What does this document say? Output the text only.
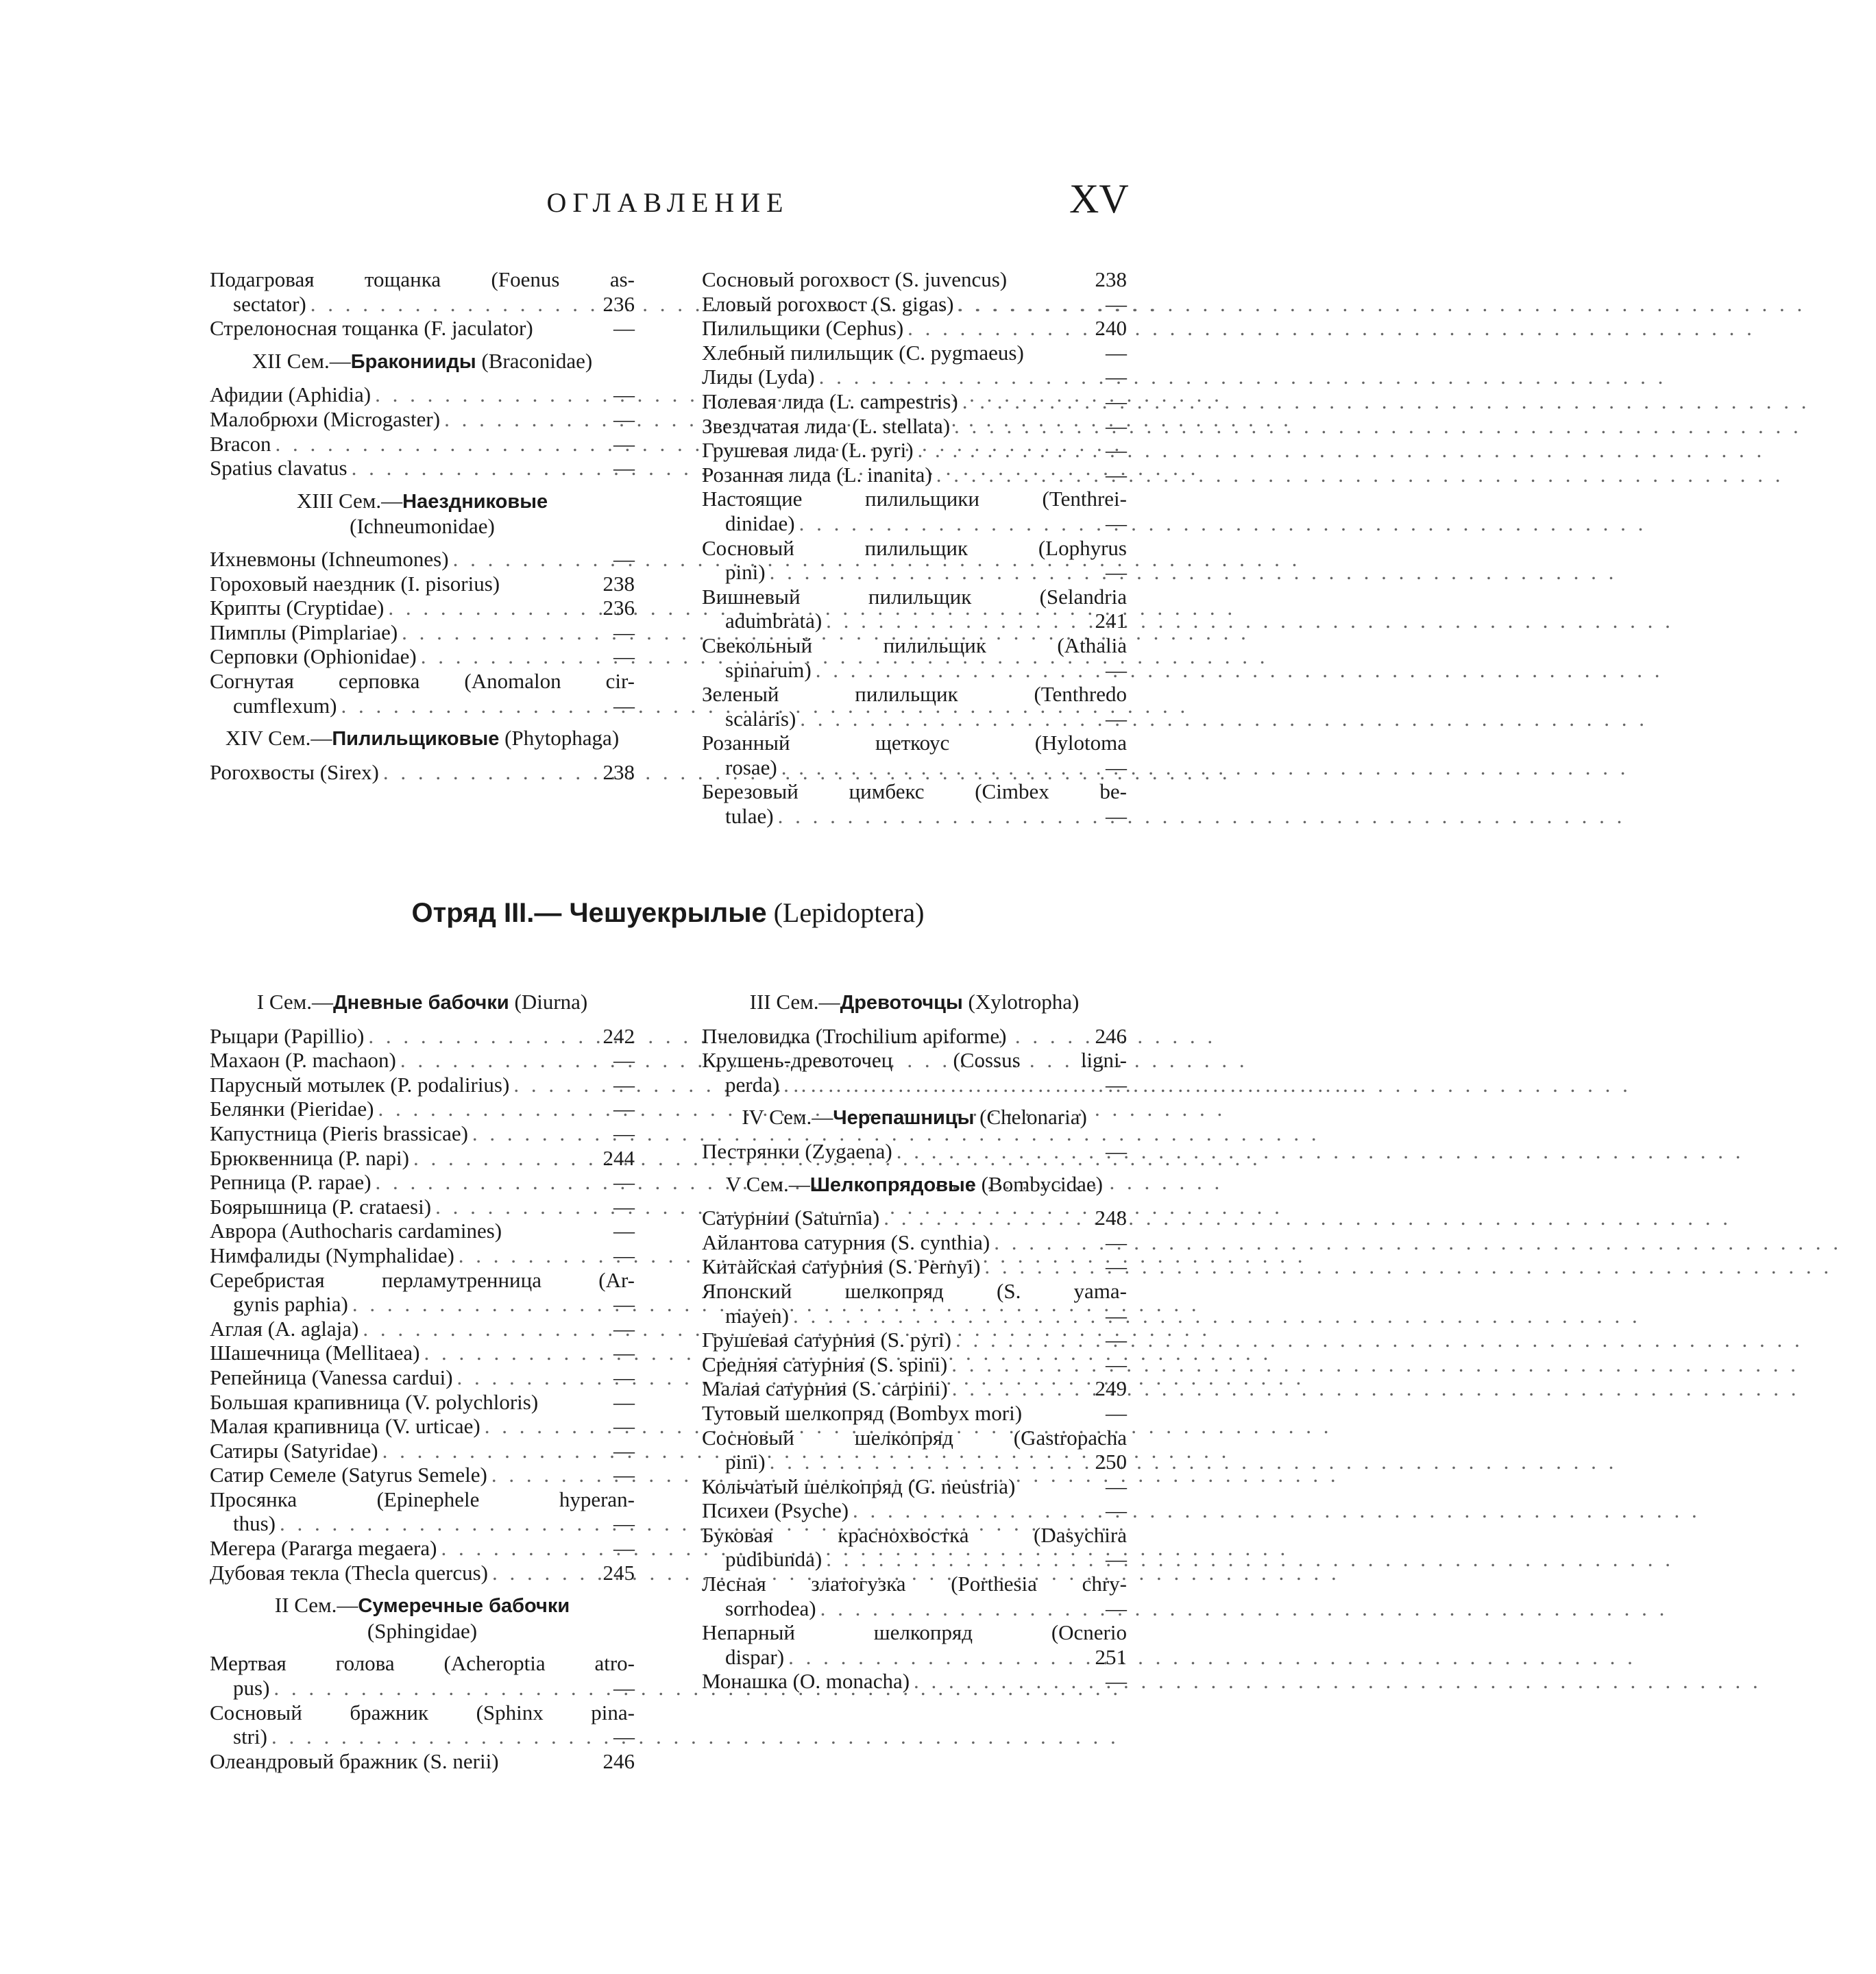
ОГЛАВЛЕНИЕ	XV
Подагровая тощанка (Foenus as-
sectator) . . .	236
Стрелоносная тощанка (F. jaculator)	—
XII Сем.—Браконииды (Braconidae)
Афидии (Aphidia) . . .	—
Малобрюхи (Microgaster) . . .	—
Bracon . . .	—
Spatius clavatus . . .	—
XIII Сем.—Наездниковые (Ichneumonidae)
Ихневмоны (Ichneumones) . . .	—
Гороховый наездник (I. pisorius)	238
Крипты (Cryptidae) . . .	236
Пимплы (Pimplariae) . . .	—
Серповки (Ophionidae) . . .	—
Согнутая серповка (Anomalon cir-
cumflexum) . . .	—
XIV Сем.—Пилильщиковые (Phytophaga)
Рогохвосты (Sirex) . . .	238
Сосновый рогохвост (S. juvencus)	238
Еловый рогохвост (S. gigas) . . .	—
Пилильщики (Cephus) . . .	240
Хлебный пилильщик (C. pygmaeus)	—
Лиды (Lyda) . . .	—
Полевая лида (L. campestris) . . .	—
Звездчатая лида (L. stellata) . . .	—
Грушевая лида (L. pyri) . . .	—
Розанная лида (L. inanita) . . .	—
Настоящие пилильщики (Tenthrei-
dinidae) . . .	—
Сосновый пилильщик (Lophyrus
pini) . . .	—
Вишневый пилильщик (Selandria
adumbrata) . . .	241
Свекольный пилильщик (Athalia
spinarum) . . .	—
Зеленый пилильщик (Tenthredo
scalaris) . . .	—
Розанный щеткоус (Hylotoma
rosae) . . .	—
Березовый цимбекс (Cimbex be-
tulae) . . .	—
Отряд III.— Чешуекрылые (Lepidoptera)
I Сем.—Дневные бабочки (Diurna)
Рыцари (Papillio) . . .	242
Махаон (P. machaon) . . .	—
Парусный мотылек (P. podalirius) . . .	—
Белянки (Pieridae) . . .	—
Капустница (Pieris brassicae) . . .	—
Брюквенница (P. napi) . . .	244
Репница (P. rapae) . . .	—
Боярышница (P. crataesi) . . .	—
Аврора (Authocharis cardamines)	—
Нимфалиды (Nymphalidae) . . .	—
Серебристая перламутренница (Ar-
gynis paphia) . . .	—
Аглая (A. aglaja) . . .	—
Шашечница (Mellitaea) . . .	—
Репейница (Vanessa cardui) . . .	—
Большая крапивница (V. polychloris)	—
Малая крапивница (V. urticae) . . .	—
Сатиры (Satyridae) . . .	—
Сатир Семеле (Satyrus Semele) . . .	—
Просянка (Epinephele hyperan-
thus) . . .	—
Мегера (Pararga megaera) . . .	—
Дубовая текла (Thecla quercus) . . .	245
II Сем.—Сумеречные бабочки (Sphingidae)
Мертвая голова (Acheroptia atro-
pus) . . .	—
Сосновый бражник (Sphinx pina-
stri) . . .	—
Олеандровый бражник (S. nerii)	246
III Сем.—Древоточцы (Xylotropha)
Пчеловидка (Trochilium apiforme)	246
Крушень-древоточец (Cossus ligni-
perda) . . .	—
IV Сем.—Черепашницы (Chelonaria)
Пестрянки (Zygaena) . . .	—
V Сем.—Шелкопрядовые (Bombycidae)
Сатурнии (Saturnia) . . .	248
Айлантова сатурния (S. cynthia) . . .	—
Китайская сатурния (S. Pernyi) . . .	—
Японский шелкопряд (S. yama-
mayen) . . .	—
Грушевая сатурния (S. pyri) . . .	—
Средняя сатурния (S. spini) . . .	—
Малая сатурния (S. carpini) . . .	249
Тутовый шелкопряд (Bombyx mori)	—
Сосновый шелкопряд (Gastropacha
pini) . . .	250
Кольчатый шелкопряд (G. neustria)	—
Психеи (Psyche) . . .	—
Буковая краснохвостка (Dasychira
pudibunda) . . .	—
Лесная златогузка (Porthesia chry-
sorrhodea) . . .	—
Непарный шелкопряд (Ocnerio
dispar) . . .	251
Монашка (O. monacha) . . .	—
